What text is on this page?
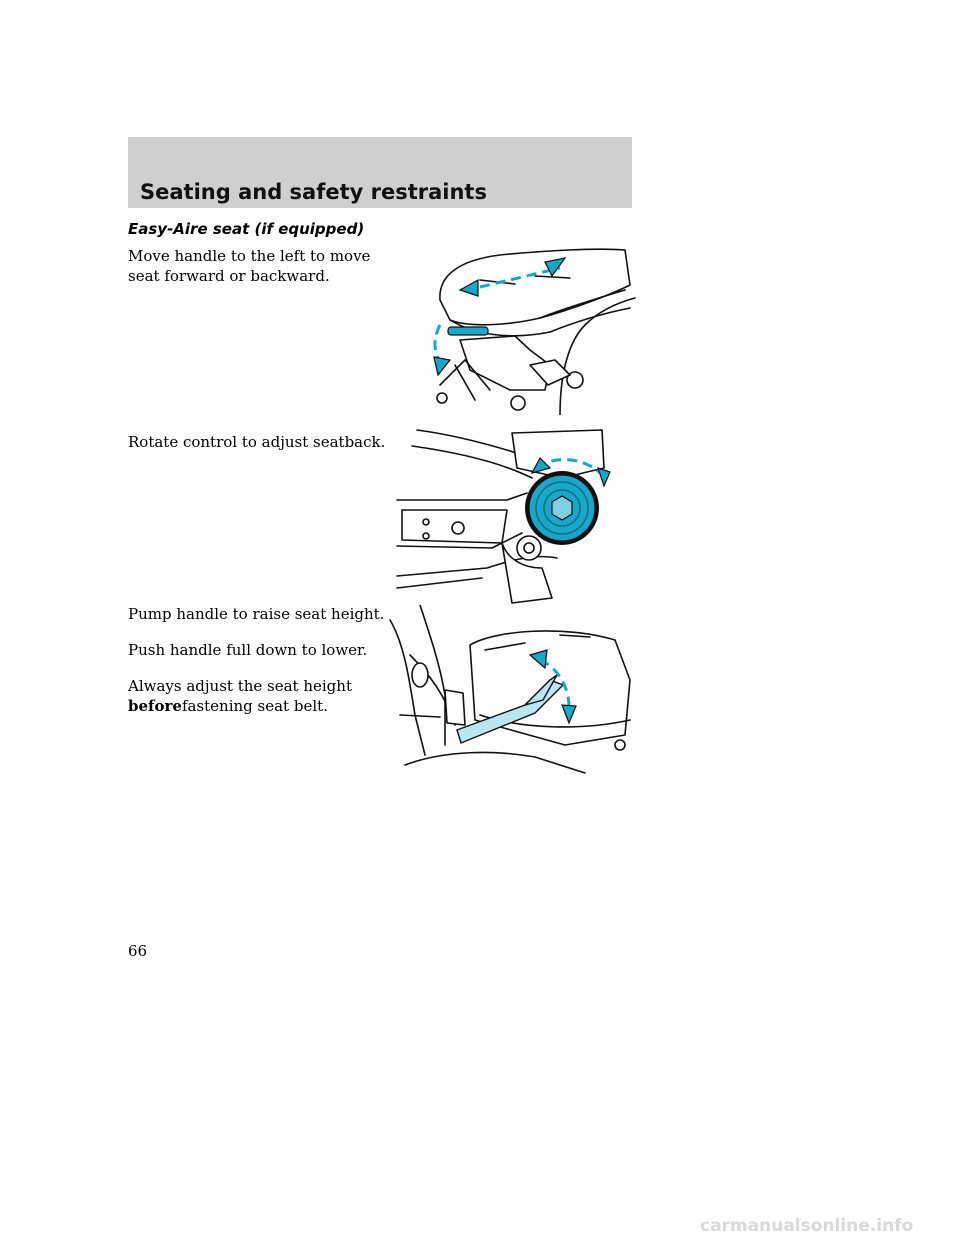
Seating and safety restraints
Easy-Aire seat (if equipped)
Move handle to the left to move seat forward or backward.
Rotate control to adjust seatback.
Pump handle to raise seat height.
Push handle full down to lower.
Always adjust the seat height
beforefastening seat belt.
66
carmanualsonline.info
